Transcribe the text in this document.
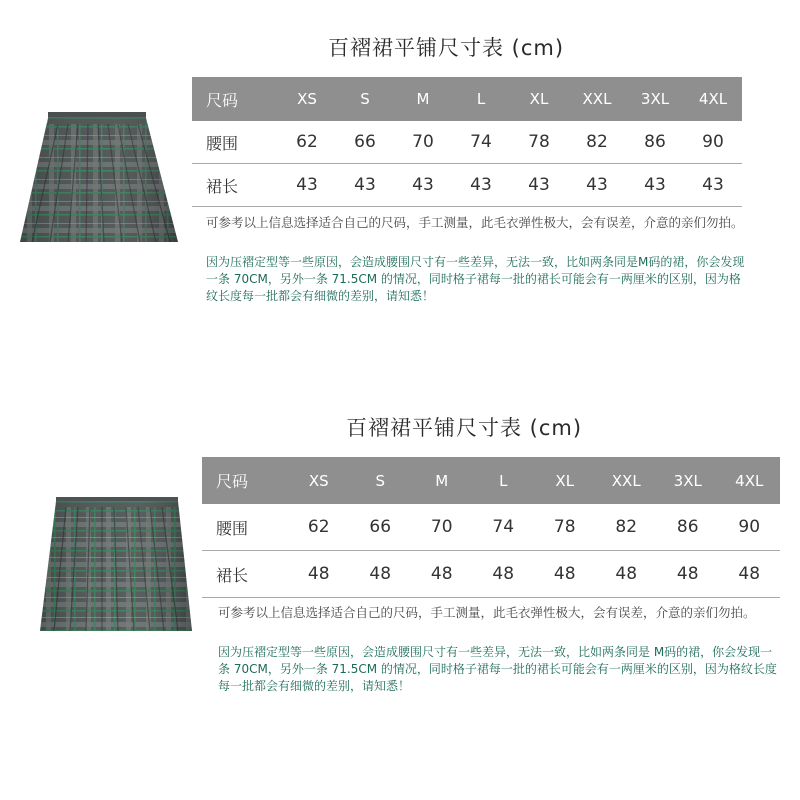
百褶裙平铺尺寸表 (cm)
尺码	XS	S	M	L	XL	XXL	3XL	4XL
腰围	62	66	70	74	78	82	86	90
裙长	43	43	43	43	43	43	43	43
可参考以上信息选择适合自己的尺码，手工测量，此毛衣弹性极大，会有误差，介意的亲们勿拍。
因为压褶定型等一些原因，会造成腰围尺寸有一些差异，无法一致，比如两条同是M码的裙，你会发现一条 70CM，另外一条 71.5CM 的情况，同时格子裙每一批的裙长可能会有一两厘米的区别，因为格纹长度每一批都会有细微的差别，请知悉！
百褶裙平铺尺寸表 (cm)
尺码	XS	S	M	L	XL	XXL	3XL	4XL
腰围	62	66	70	74	78	82	86	90
裙长	48	48	48	48	48	48	48	48
可参考以上信息选择适合自己的尺码，手工测量，此毛衣弹性极大，会有误差，介意的亲们勿拍。
因为压褶定型等一些原因，会造成腰围尺寸有一些差异，无法一致，比如两条同是 M码的裙，你会发现一条 70CM，另外一条 71.5CM 的情况，同时格子裙每一批的裙长可能会有一两厘米的区别，因为格纹长度每一批都会有细微的差别，请知悉！
